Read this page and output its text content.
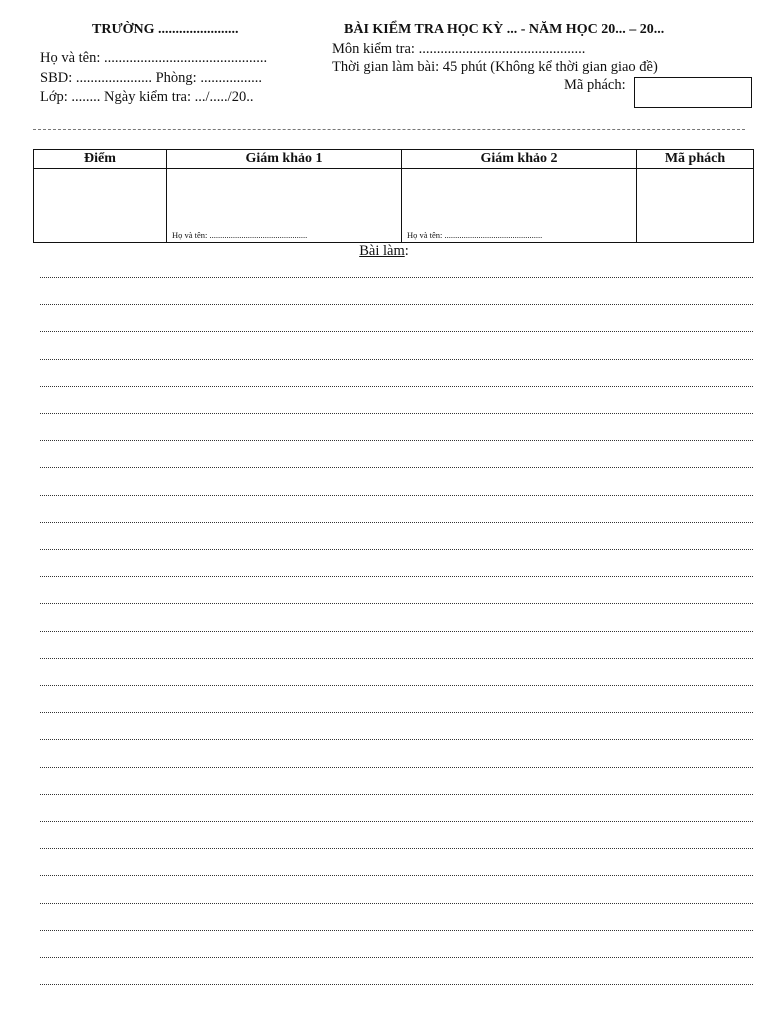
TRƯỜNG .......................	BÀI KIỂM TRA HỌC KỲ ... - NĂM HỌC 20... – 20...
Họ và tên: .............................................
SBD: ..................... Phòng: .................
Lớp: ........ Ngày kiểm tra: .../...../20..
Môn kiểm tra: ..............................................
Thời gian làm bài: 45 phút (Không kể thời gian giao đề)
Mã phách:
Điểm	Giám khảo 1	Giám khảo 2	Mã phách

	Họ và tên: ..............................................	Họ và tên: ..............................................	

Bài làm:
